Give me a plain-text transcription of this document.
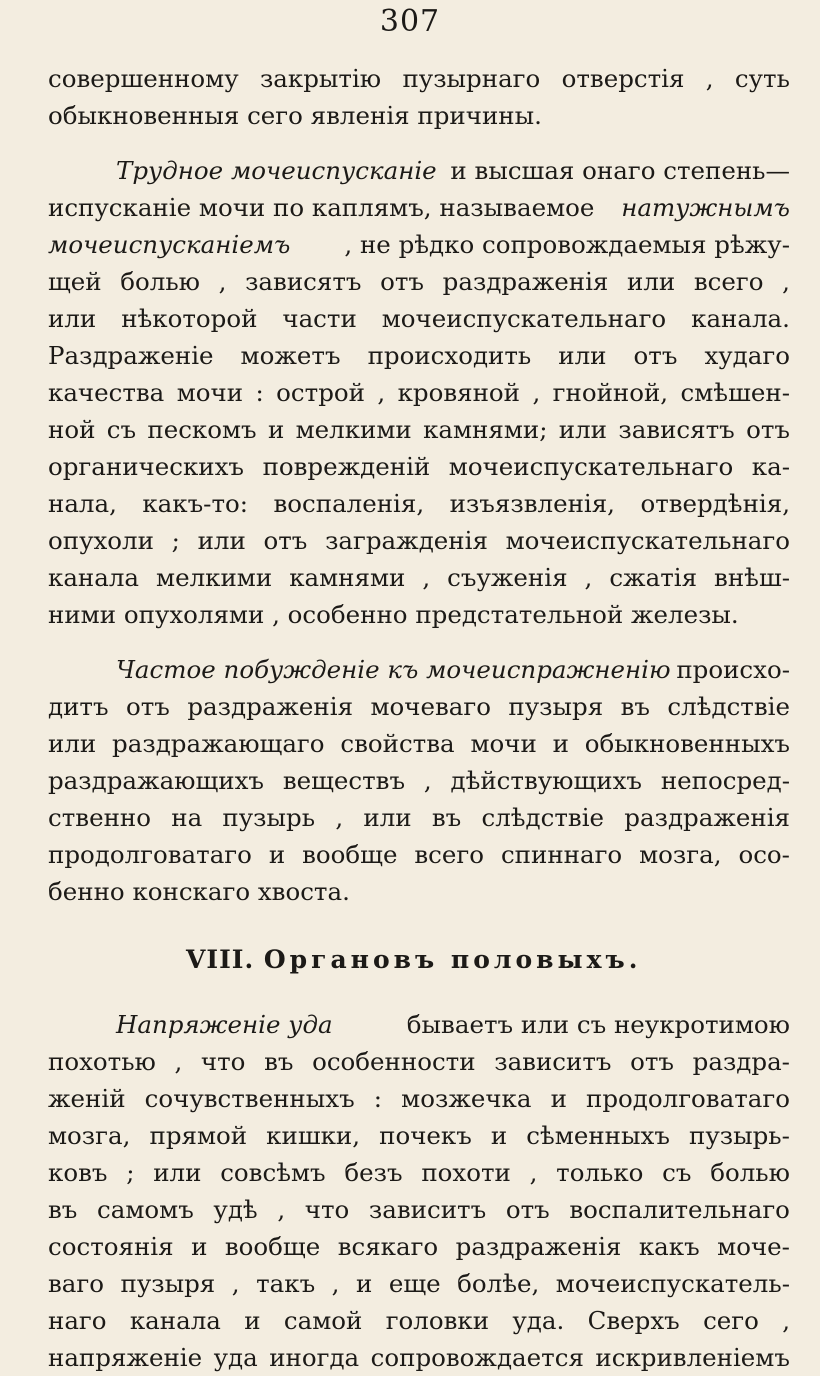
307
совершенному закрытію пузырнаго отверстія , суть
обыкновенныя сего явленія причины.
Трудное мочеиспусканіе и высшая онаго степень—
испусканіе мочи по каплямъ, называемое натужнымъ
мочеиспусканіемъ , не рѣдко сопровождаемыя рѣжу-
щей болью , зависятъ отъ раздраженія или всего ,
или нѣкоторой части мочеиспускательнаго канала.
Раздраженіе можетъ происходить или отъ худаго
качества мочи : острой , кровяной , гнойной, смѣшен-
ной съ пескомъ и мелкими камнями; или зависятъ отъ
органическихъ поврежденій мочеиспускательнаго ка-
нала, какъ-то: воспаленія, изъязвленія, отвердѣнія,
опухоли ; или отъ загражденія мочеиспускательнаго
канала мелкими камнями , съуженія , сжатія внѣш-
ними опухолями , особенно предстательной железы.
Частое побужденіе къ мочеиспражненію происхо-
дитъ отъ раздраженія мочеваго пузыря въ слѣдствіе
или раздражающаго свойства мочи и обыкновенныхъ
раздражающихъ веществъ , дѣйствующихъ непосред-
ственно на пузырь , или въ слѣдствіе раздраженія
продолговатаго и вообще всего спиннаго мозга, осо-
бенно конскаго хвоста.
VIII. Органовъ половыхъ.
Напряженіе уда	бываетъ или съ неукротимою
похотью , что въ особенности зависитъ отъ раздра-
женій сочувственныхъ : мозжечка и продолговатаго
мозга, прямой кишки, почекъ и сѣменныхъ пузырь-
ковъ ; или совсѣмъ безъ похоти , только съ болью
въ самомъ удѣ , что зависитъ отъ воспалительнаго
состоянія и вообще всякаго раздраженія какъ моче-
ваго пузыря , такъ , и еще болѣе, мочеиспускатель-
наго канала и самой головки уда. Сверхъ сего ,
напряженіе уда иногда сопровождается искривленіемъ
